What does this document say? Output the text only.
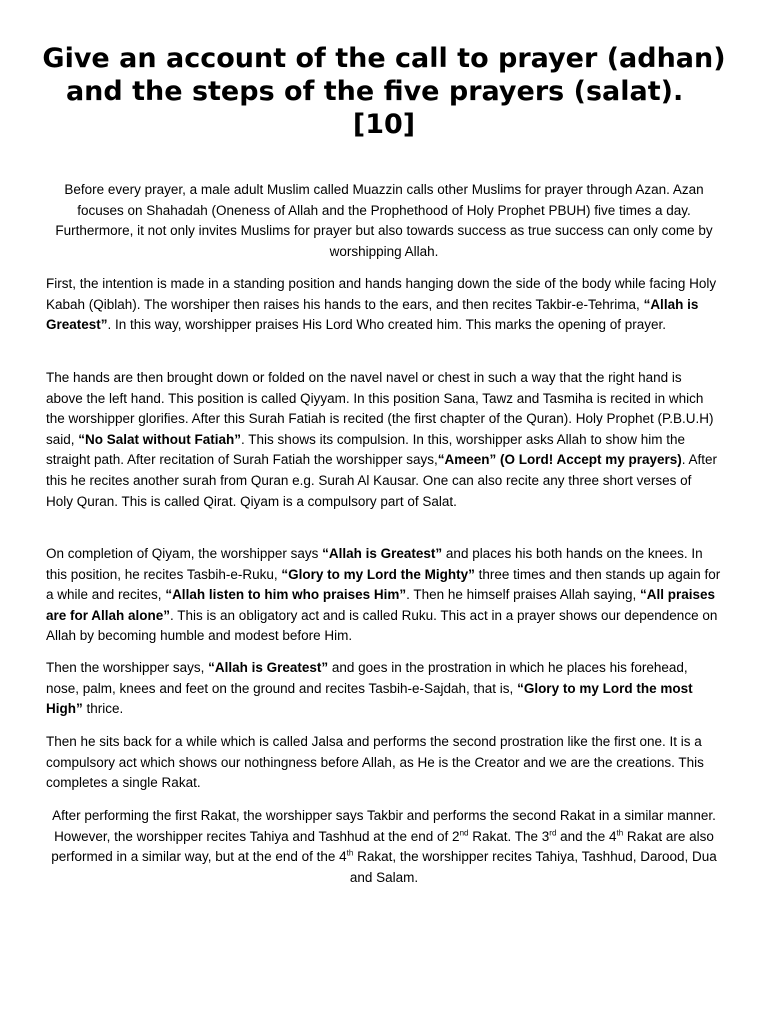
Give an account of the call to prayer (adhan) and the steps of the five prayers (salat).   [10]

Before every prayer, a male adult Muslim called Muazzin calls other Muslims for prayer through Azan. Azan focuses on Shahadah (Oneness of Allah and the Prophethood of Holy Prophet PBUH) five times a day. Furthermore, it not only invites Muslims for prayer but also towards success as true success can only come by worshipping Allah.

First, the intention is made in a standing position and hands hanging down the side of the body while facing Holy Kabah (Qiblah). The worshiper then raises his hands to the ears, and then recites Takbir-e-Tehrima, “Allah is Greatest”. In this way, worshipper praises His Lord Who created him. This marks the opening of prayer.

The hands are then brought down or folded on the navel navel or chest in such a way that the right hand is above the left hand. This position is called Qiyyam. In this position Sana, Tawz and Tasmiha is recited in which the worshipper glorifies. After this Surah Fatiah is recited (the first chapter of the Quran). Holy Prophet (P.B.U.H) said, “No Salat without Fatiah”. This shows its compulsion. In this, worshipper asks Allah to show him the straight path. After recitation of Surah Fatiah the worshipper says,“Ameen” (O Lord! Accept my prayers). After this he recites another surah from Quran e.g. Surah Al Kausar. One can also recite any three short verses of Holy Quran. This is called Qirat. Qiyam is a compulsory part of Salat.

On completion of Qiyam, the worshipper says “Allah is Greatest” and places his both hands on the knees. In this position, he recites Tasbih-e-Ruku, “Glory to my Lord the Mighty” three times and then stands up again for a while and recites, “Allah listen to him who praises Him”. Then he himself praises Allah saying, “All praises are for Allah alone”. This is an obligatory act and is called Ruku. This act in a prayer shows our dependence on Allah by becoming humble and modest before Him.

Then the worshipper says, “Allah is Greatest” and goes in the prostration in which he places his forehead, nose, palm, knees and feet on the ground and recites Tasbih-e-Sajdah, that is, “Glory to my Lord the most High” thrice.

Then he sits back for a while which is called Jalsa and performs the second prostration like the first one. It is a compulsory act which shows our nothingness before Allah, as He is the Creator and we are the creations. This completes a single Rakat.

After performing the first Rakat, the worshipper says Takbir and performs the second Rakat in a similar manner. However, the worshipper recites Tahiya and Tashhud at the end of 2nd Rakat. The 3rd and the 4th Rakat are also performed in a similar way, but at the end of the 4th Rakat, the worshipper recites Tahiya, Tashhud, Darood, Dua and Salam.
